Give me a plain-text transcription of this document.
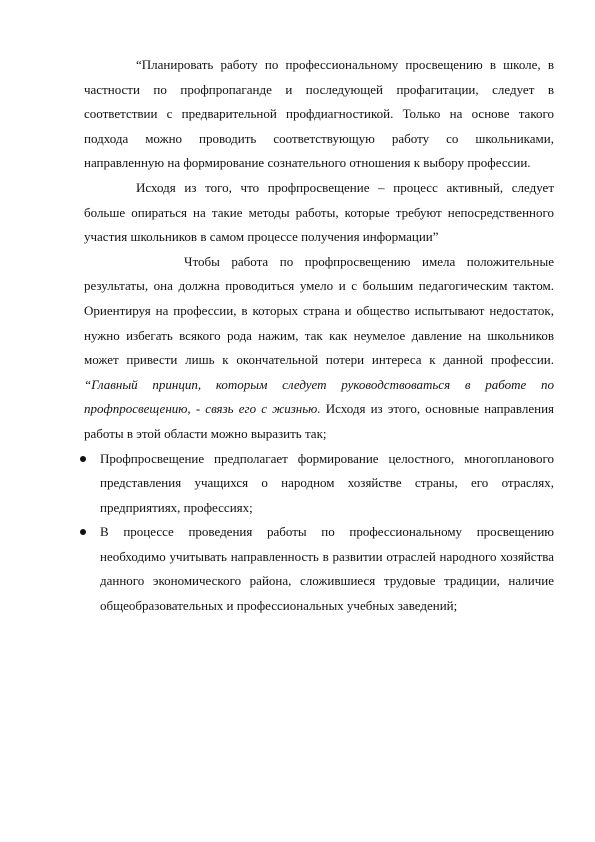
“Планировать работу по профессиональному просвещению в школе, в частности по профпропаганде и последующей профагитации, следует в соответствии с предварительной профдиагностикой. Только на основе такого подхода можно проводить соответствующую работу со школьниками, направленную на формирование сознательного отношения к выбору профессии.

Исходя из того, что профпросвещение – процесс активный, следует больше опираться на такие методы работы, которые требуют непосредственного участия школьников в самом процессе получения информации”

Чтобы работа по профпросвещению имела положительные результаты, она должна проводиться умело и с большим педагогическим тактом. Ориентируя на профессии, в которых страна и общество испытывают недостаток, нужно избегать всякого рода нажим, так как неумелое давление на школьников может привести лишь к окончательной потери интереса к данной профессии. “Главный принцип, которым следует руководствоваться в работе по профпросвещению, - связь его с жизнью. Исходя из этого, основные направления работы в этой области можно выразить так;

Профпросвещение предполагает формирование целостного, многопланового представления учащихся о народном хозяйстве страны, его отраслях, предприятиях, профессиях;
В процессе проведения работы по профессиональному просвещению необходимо учитывать направленность в развитии отраслей народного хозяйства данного экономического района, сложившиеся трудовые традиции, наличие общеобразовательных и профессиональных учебных заведений;
